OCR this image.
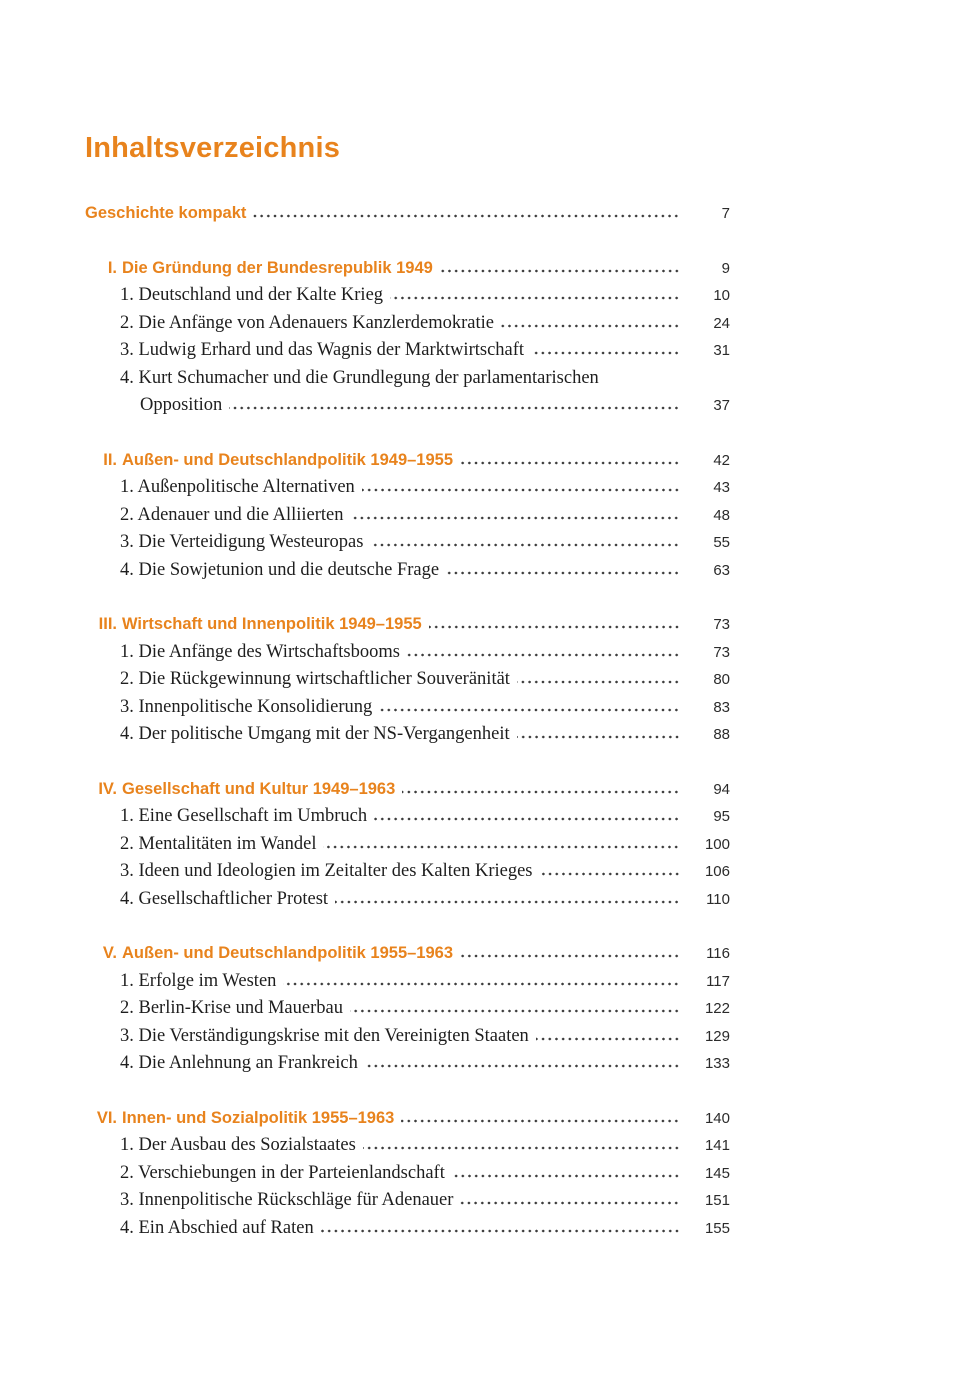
Inhaltsverzeichnis
Geschichte kompakt	7
I. Die Gründung der Bundesrepublik 1949	9
1. Deutschland und der Kalte Krieg	10
2. Die Anfänge von Adenauers Kanzlerdemokratie	24
3. Ludwig Erhard und das Wagnis der Marktwirtschaft	31
4. Kurt Schumacher und die Grundlegung der parlamentarischen
Opposition	37
II. Außen- und Deutschlandpolitik 1949–1955	42
1. Außenpolitische Alternativen	43
2. Adenauer und die Alliierten	48
3. Die Verteidigung Westeuropas	55
4. Die Sowjetunion und die deutsche Frage	63
III. Wirtschaft und Innenpolitik 1949–1955	73
1. Die Anfänge des Wirtschaftsbooms	73
2. Die Rückgewinnung wirtschaftlicher Souveränität	80
3. Innenpolitische Konsolidierung	83
4. Der politische Umgang mit der NS-Vergangenheit	88
IV. Gesellschaft und Kultur 1949–1963	94
1. Eine Gesellschaft im Umbruch	95
2. Mentalitäten im Wandel	100
3. Ideen und Ideologien im Zeitalter des Kalten Krieges	106
4. Gesellschaftlicher Protest	110
V. Außen- und Deutschlandpolitik 1955–1963	116
1. Erfolge im Westen	117
2. Berlin-Krise und Mauerbau	122
3. Die Verständigungskrise mit den Vereinigten Staaten	129
4. Die Anlehnung an Frankreich	133
VI. Innen- und Sozialpolitik 1955–1963	140
1. Der Ausbau des Sozialstaates	141
2. Verschiebungen in der Parteienlandschaft	145
3. Innenpolitische Rückschläge für Adenauer	151
4. Ein Abschied auf Raten	155
